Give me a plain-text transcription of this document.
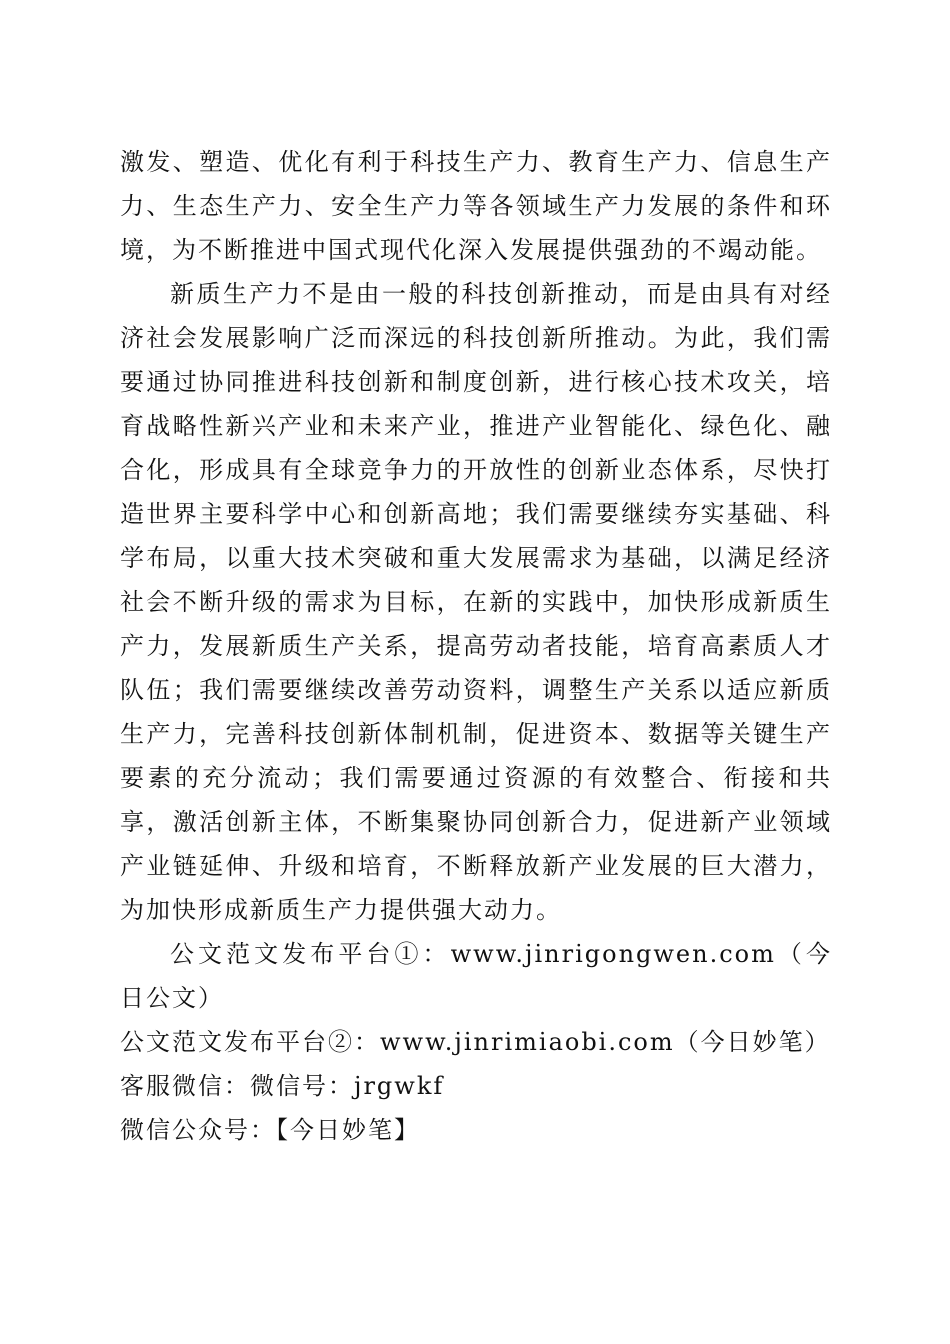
激发、塑造、优化有利于科技生产力、教育生产力、信息生产力、生态生产力、安全生产力等各领域生产力发展的条件和环境，为不断推进中国式现代化深入发展提供强劲的不竭动能。

新质生产力不是由一般的科技创新推动，而是由具有对经济社会发展影响广泛而深远的科技创新所推动。为此，我们需要通过协同推进科技创新和制度创新，进行核心技术攻关，培育战略性新兴产业和未来产业，推进产业智能化、绿色化、融合化，形成具有全球竞争力的开放性的创新业态体系，尽快打造世界主要科学中心和创新高地；我们需要继续夯实基础、科学布局，以重大技术突破和重大发展需求为基础，以满足经济社会不断升级的需求为目标，在新的实践中，加快形成新质生产力，发展新质生产关系，提高劳动者技能，培育高素质人才队伍；我们需要继续改善劳动资料，调整生产关系以适应新质生产力，完善科技创新体制机制，促进资本、数据等关键生产要素的充分流动；我们需要通过资源的有效整合、衔接和共享，激活创新主体，不断集聚协同创新合力，促进新产业领域产业链延伸、升级和培育，不断释放新产业发展的巨大潜力，为加快形成新质生产力提供强大动力。

公文范文发布平台①：www.jinrigongwen.com（今日公文）

公文范文发布平台②：www.jinrimiaobi.com（今日妙笔）

客服微信：微信号：jrgwkf

微信公众号：【今日妙笔】
